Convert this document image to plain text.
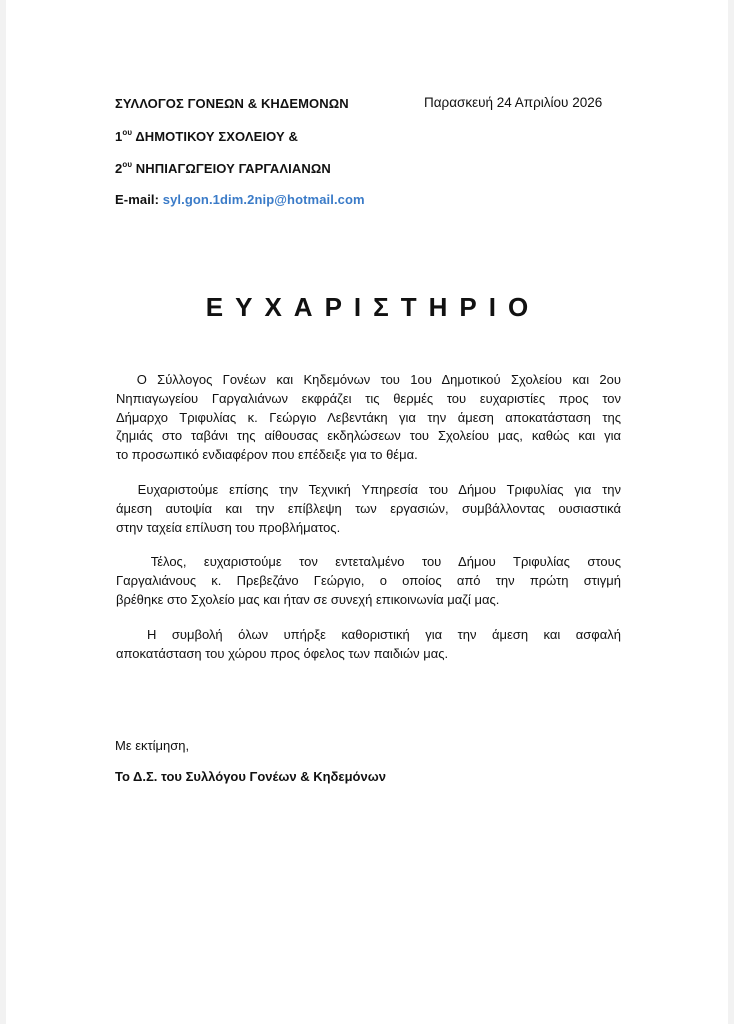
ΣΥΛΛΟΓΟΣ ΓΟΝΕΩΝ & ΚΗΔΕΜΟΝΩΝ
$1^{o\upsilon}$ ΔΗΜΟΤΙΚΟΥ ΣΧΟΛΕΙΟΥ &
$2^{o\upsilon}$ ΝΗΠΙΑΓΩΓΕΙΟΥ ΓΑΡΓΑΛΙΑΝΩΝ
E-mail: syl.gon.1dim.2nip@hotmail.com
Παρασκευή 24 Απριλίου 2026
ΕΥΧΑΡΙΣΤΗΡΙΟ
Ο Σύλλογος Γονέων και Κηδεμόνων του 1ου Δημοτικού Σχολείου και 2ου
Νηπιαγωγείου Γαργαλιάνων εκφράζει τις θερμές του ευχαριστίες προς τον
Δήμαρχο Τριφυλίας κ. Γεώργιο Λεβεντάκη για την άμεση αποκατάσταση της
ζημιάς στο ταβάνι της αίθουσας εκδηλώσεων του Σχολείου μας, καθώς και για
το προσωπικό ενδιαφέρον που επέδειξε για το θέμα.
Ευχαριστούμε επίσης την Τεχνική Υπηρεσία του Δήμου Τριφυλίας για την
άμεση αυτοψία και την επίβλεψη των εργασιών, συμβάλλοντας ουσιαστικά
στην ταχεία επίλυση του προβλήματος.
Τέλος, ευχαριστούμε τον εντεταλμένο του Δήμου Τριφυλίας στους
Γαργαλιάνους κ. Πρεβεζάνο Γεώργιο, ο οποίος από την πρώτη στιγμή
βρέθηκε στο Σχολείο μας και ήταν σε συνεχή επικοινωνία μαζί μας.
Η συμβολή όλων υπήρξε καθοριστική για την άμεση και ασφαλή
αποκατάσταση του χώρου προς όφελος των παιδιών μας.
Με εκτίμηση,
Το Δ.Σ. του Συλλόγου Γονέων & Κηδεμόνων
